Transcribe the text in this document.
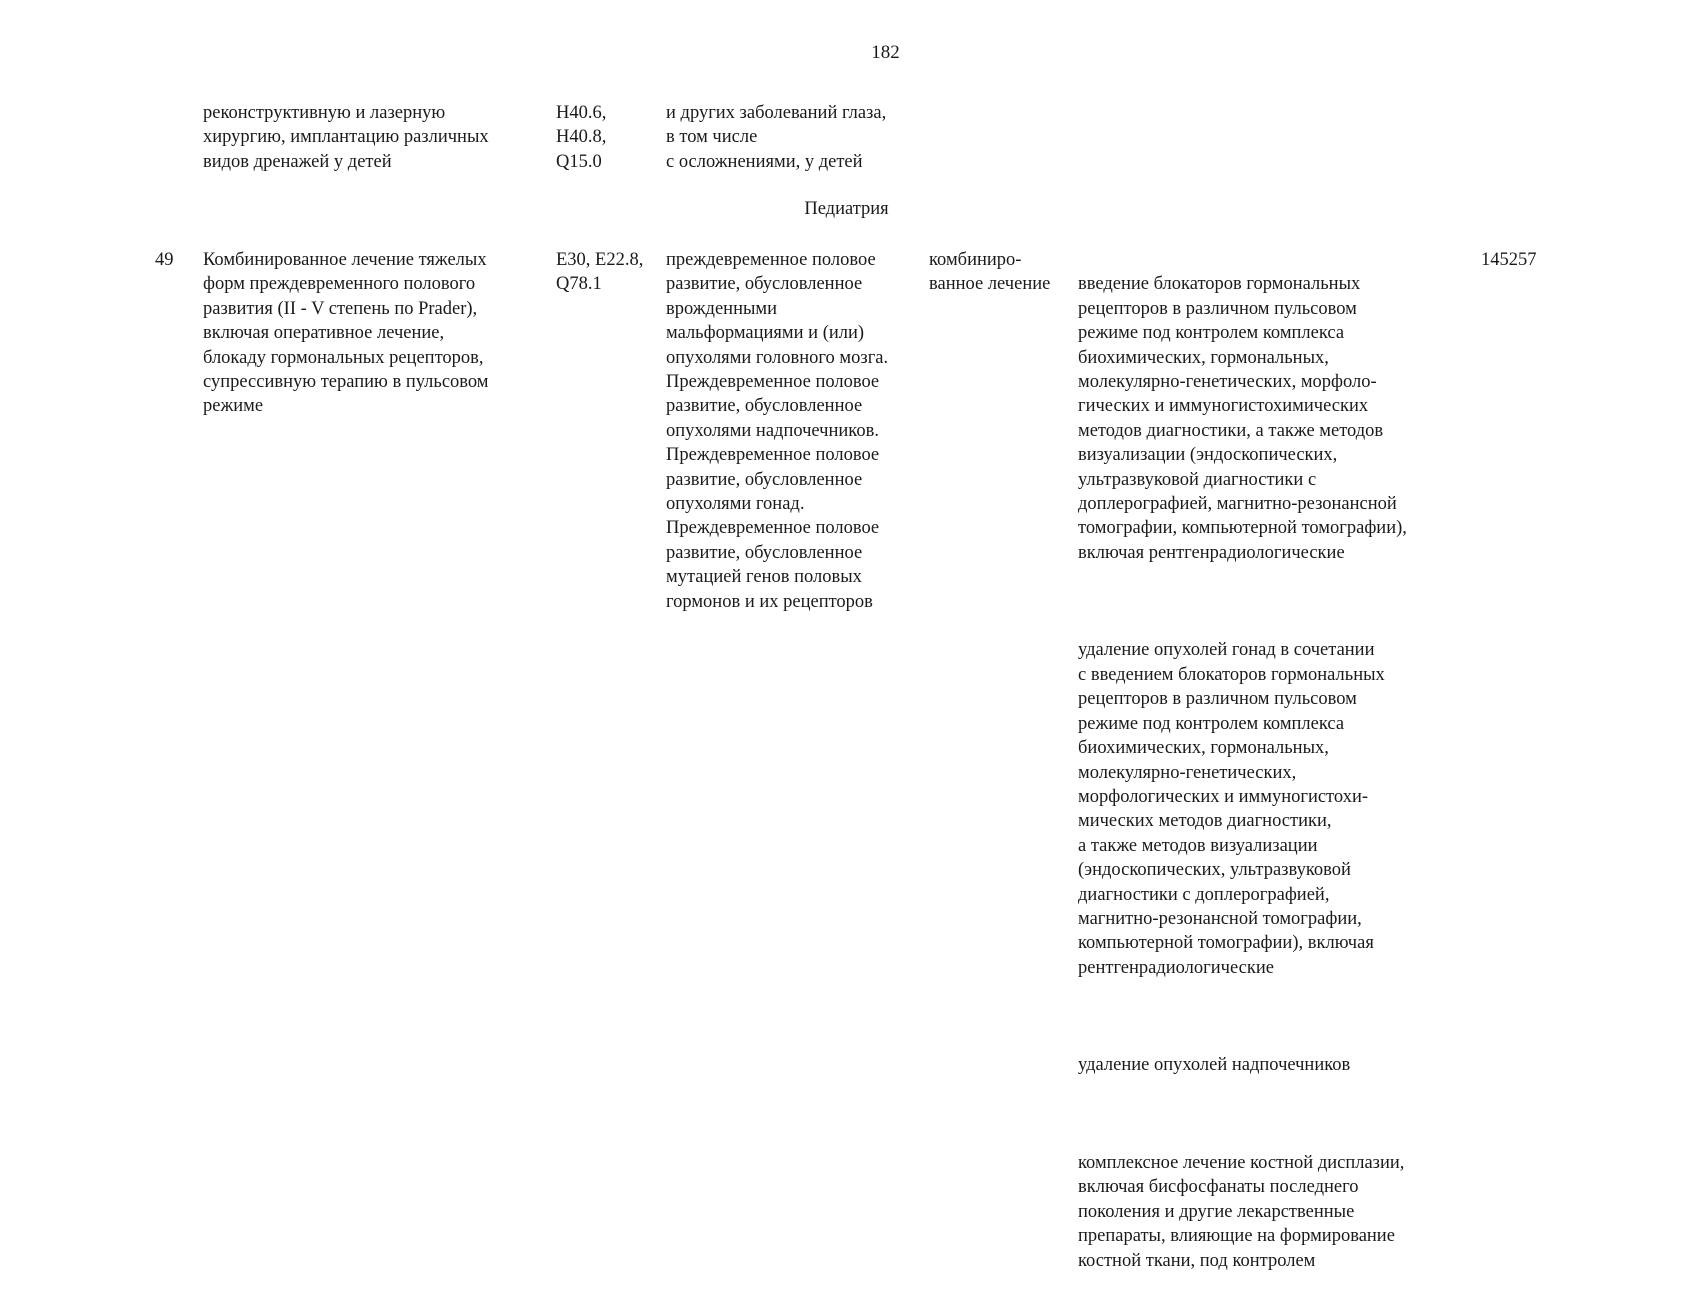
182
реконструктивную и лазерную
хирургию, имплантацию различных
видов дренажей у детей
H40.6,
H40.8,
Q15.0
и других заболеваний глаза,
в том числе
с осложнениями, у детей
Педиатрия
49	Комбинированное лечение тяжелых
форм преждевременного полового
развития (II - V степень по Prader),
включая оперативное лечение,
блокаду гормональных рецепторов,
супрессивную терапию в пульсовом
режиме
E30, E22.8,
Q78.1
преждевременное половое
развитие, обусловленное
врожденными
мальформациями и (или)
опухолями головного мозга.
Преждевременное половое
развитие, обусловленное
опухолями надпочечников.
Преждевременное половое
развитие, обусловленное
опухолями гонад.
Преждевременное половое
развитие, обусловленное
мутацией генов половых
гормонов и их рецепторов
комбиниро-
ванное лечение	введение блокаторов гормональных
рецепторов в различном пульсовом
режиме под контролем комплекса
биохимических, гормональных,
молекулярно-генетических, морфоло-
гических и иммуногистохимических
методов диагностики, а также методов
визуализации (эндоскопических,
ультразвуковой диагностики с
доплерографией, магнитно-резонансной
томографии, компьютерной томографии),
включая рентгенрадиологические

удаление опухолей гонад в сочетании
с введением блокаторов гормональных
рецепторов в различном пульсовом
режиме под контролем комплекса
биохимических, гормональных,
молекулярно-генетических,
морфологических и иммуногистохи-
мических методов диагностики,
а также методов визуализации
(эндоскопических, ультразвуковой
диагностики с доплерографией,
магнитно-резонансной томографии,
компьютерной томографии), включая
рентгенрадиологические

удаление опухолей надпочечников

комплексное лечение костной дисплазии,
включая бисфосфанаты последнего
поколения и другие лекарственные
препараты, влияющие на формирование
костной ткани, под контролем

145257
